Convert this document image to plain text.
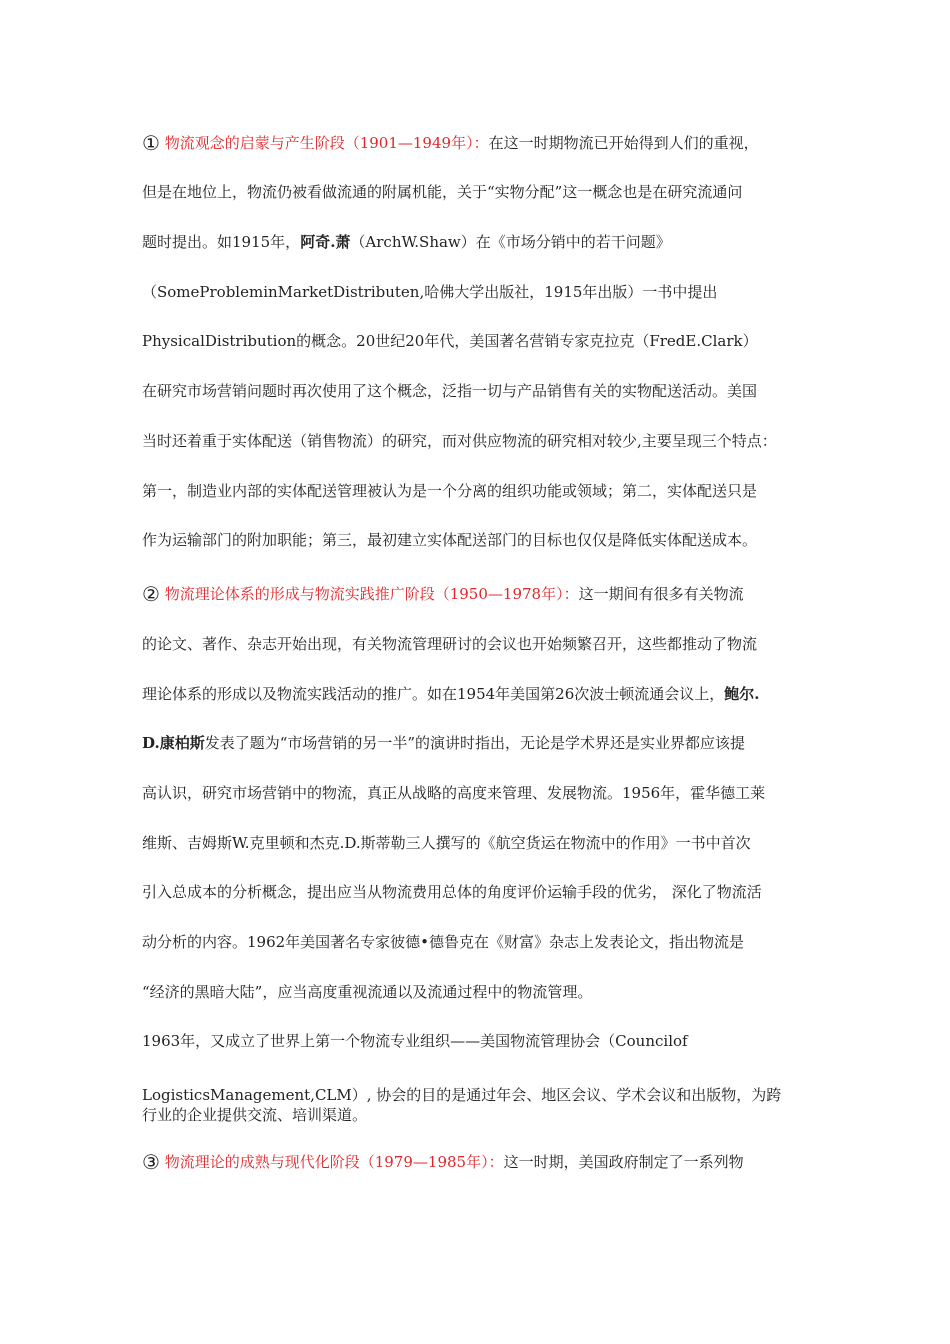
① 物流观念的启蒙与产生阶段（1901—1949年）：在这一时期物流已开始得到人们的重视，
但是在地位上，物流仍被看做流通的附属机能，关于“实物分配”这一概念也是在研究流通问
题时提出。如1915年，阿奇.萧（ArchW.Shaw）在《市场分销中的若干问题》
（SomeProbleminMarketDistributen,哈佛大学出版社，1915年出版）一书中提出
PhysicalDistribution的概念。20世纪20年代，美国著名营销专家克拉克（FredE.Clark）
在研究市场营销问题时再次使用了这个概念，泛指一切与产品销售有关的实物配送活动。美国
当时还着重于实体配送（销售物流）的研究，而对供应物流的研究相对较少,主要呈现三个特点：
第一，制造业内部的实体配送管理被认为是一个分离的组织功能或领域；第二，实体配送只是
作为运输部门的附加职能；第三，最初建立实体配送部门的目标也仅仅是降低实体配送成本。
② 物流理论体系的形成与物流实践推广阶段（1950—1978年）：这一期间有很多有关物流
的论文、著作、杂志开始出现，有关物流管理研讨的会议也开始频繁召开，这些都推动了物流
理论体系的形成以及物流实践活动的推广。如在1954年美国第26次波士顿流通会议上，鲍尔.
D.康柏斯发表了题为“市场营销的另一半”的演讲时指出，无论是学术界还是实业界都应该提
高认识，研究市场营销中的物流，真正从战略的高度来管理、发展物流。1956年，霍华德工莱
维斯、吉姆斯W.克里顿和杰克.D.斯蒂勒三人撰写的《航空货运在物流中的作用》一书中首次
引入总成本的分析概念，提出应当从物流费用总体的角度评价运输手段的优劣， 深化了物流活
动分析的内容。1962年美国著名专家彼德•德鲁克在《财富》杂志上发表论文，指出物流是
“经济的黑暗大陆”，应当高度重视流通以及流通过程中的物流管理。
1963年，又成立了世界上第一个物流专业组织——美国物流管理协会（Councilof
LogisticsManagement,CLM）, 协会的目的是通过年会、地区会议、学术会议和出版物，为跨
行业的企业提供交流、培训渠道。
③ 物流理论的成熟与现代化阶段（1979—1985年）：这一时期，美国政府制定了一系列物
